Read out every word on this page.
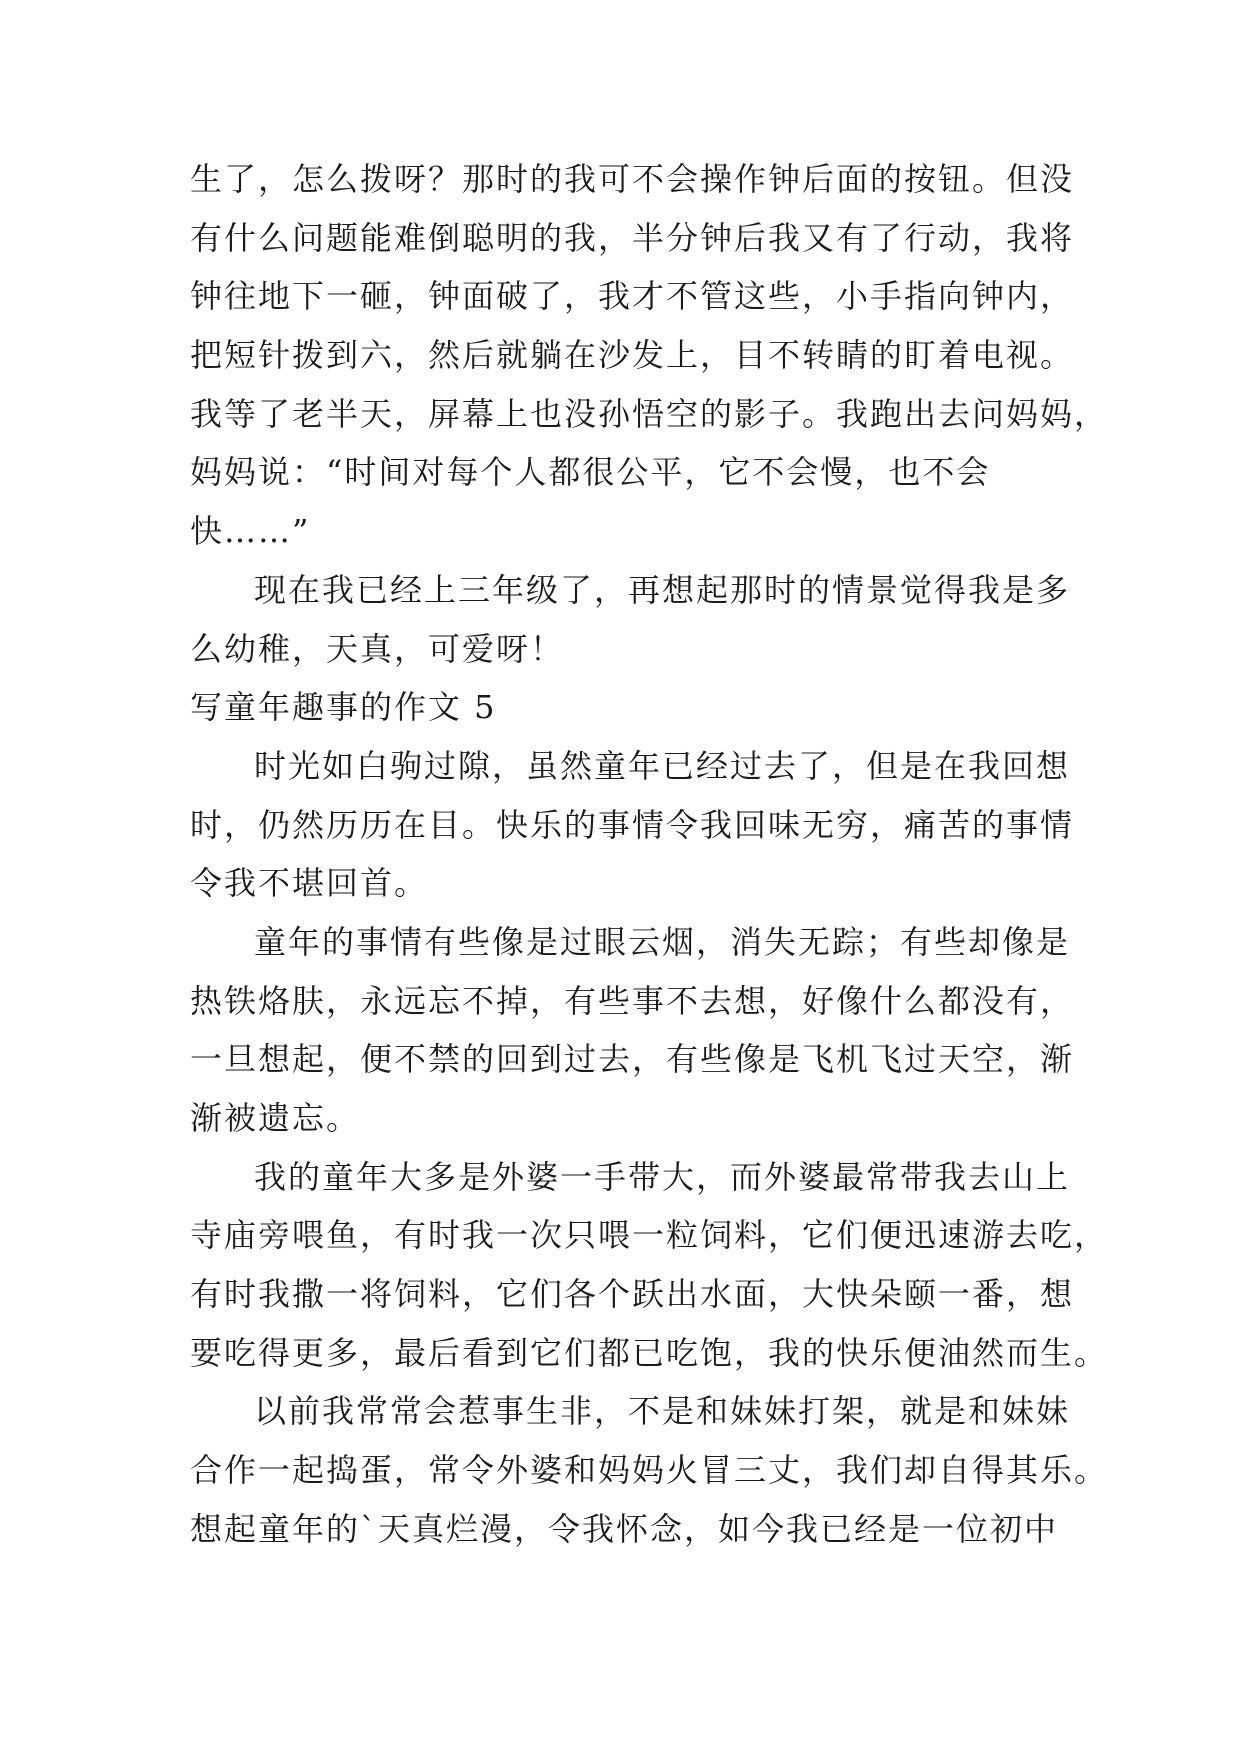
生了，怎么拨呀？那时的我可不会操作钟后面的按钮。但没
有什么问题能难倒聪明的我，半分钟后我又有了行动，我将
钟往地下一砸，钟面破了，我才不管这些，小手指向钟内，
把短针拨到六，然后就躺在沙发上，目不转睛的盯着电视。
我等了老半天，屏幕上也没孙悟空的影子。我跑出去问妈妈，
妈妈说：“时间对每个人都很公平，它不会慢，也不会
快……”
现在我已经上三年级了，再想起那时的情景觉得我是多
么幼稚，天真，可爱呀！
写童年趣事的作文 5
时光如白驹过隙，虽然童年已经过去了，但是在我回想
时，仍然历历在目。快乐的事情令我回味无穷，痛苦的事情
令我不堪回首。
童年的事情有些像是过眼云烟，消失无踪；有些却像是
热铁烙肤，永远忘不掉，有些事不去想，好像什么都没有，
一旦想起，便不禁的回到过去，有些像是飞机飞过天空，渐
渐被遗忘。
我的童年大多是外婆一手带大，而外婆最常带我去山上
寺庙旁喂鱼，有时我一次只喂一粒饲料，它们便迅速游去吃，
有时我撒一将饲料，它们各个跃出水面，大快朵颐一番，想
要吃得更多，最后看到它们都已吃饱，我的快乐便油然而生。
以前我常常会惹事生非，不是和妹妹打架，就是和妹妹
合作一起捣蛋，常令外婆和妈妈火冒三丈，我们却自得其乐。
想起童年的`天真烂漫，令我怀念，如今我已经是一位初中
